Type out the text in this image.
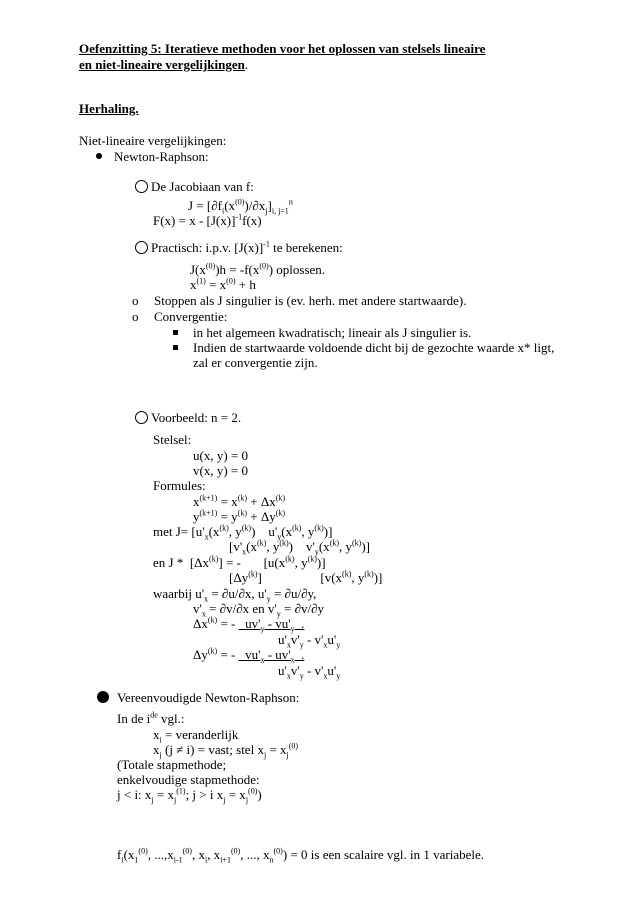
Oefenzitting 5: Iteratieve methoden voor het oplossen van stelsels lineaire
en niet-lineaire vergelijkingen.
Herhaling.
Niet-lineaire vergelijkingen:
Newton-Raphson:
De Jacobiaan van f:
$J = [\partial f_i(x^{(0)})/\partial x_j]_{i, j=1}^n$
$F(x) = x - [J(x)]^{-1}f(x)$
Practisch: i.p.v. $[J(x)]^{-1}$ te berekenen:
$J(x^{(0)})h = -f(x^{(0)})$ oplossen.
$x^{(1)} = x^{(0)} + h$
o Stoppen als J singulier is (ev. herh. met andere startwaarde).
o Convergentie:
in het algemeen kwadratisch; lineair als J singulier is.
Indien de startwaarde voldoende dicht bij de gezochte waarde x* ligt,
zal er convergentie zijn.
Voorbeeld: n = 2.
Stelsel:
u(x, y) = 0
v(x, y) = 0
Formules:
$x^{(k+1)} = x^{(k)} + \Delta x^{(k)}$
$y^{(k+1)} = y^{(k)} + \Delta y^{(k)}$
met $J= [u'_x(x^{(k)}$, $y^{(k)}$)    $u'_y(x^{(k)}$, $y^{(k)}$)]
[$v'_x(x^{(k)}$, $y^{(k)}$)    $v'_y(x^{(k)}$, $y^{(k)}$)]
en J *  $[\Delta x^{(k)}]$ = -       [$u(x^{(k)}$, $y^{(k)}$)]
$[\Delta y^{(k)}]$                  [$v(x^{(k)}$, $y^{(k)}$)]
waarbij $u'_x = \partial u/\partial x$, $u'_y = \partial u/\partial y$,
$v'_x = \partial v/\partial x$ en $v'_y = \partial v/\partial y$
$\Delta x^{(k)}$ = -   $uv'_y - vu'_y$  .
$u'_xv'_y - v'_xu'_y$
$\Delta y^{(k)}$ = -   $vu'_x - uv'_x$  .
$u'_xv'_y - v'_xu'_y$
Vereenvoudigde Newton-Raphson:
In de $i^{de}$ vgl.:
$x_i$ = veranderlijk
$x_j$ (j ≠ i) = vast; stel $x_j = x_j^{(0)}$
(Totale stapmethode;
enkelvoudige stapmethode:
j < i: $x_j = x_j^{(1)}$; j > i $x_j = x_j^{(0)}$)
$f_i(x_1^{(0)}$, $...,x_{i-1}^{(0)}$, $x_i$, $x_{i+1}^{(0)}$, ..., $x_n^{(0)}) = 0$ is een scalaire vgl. in 1 variabele.
